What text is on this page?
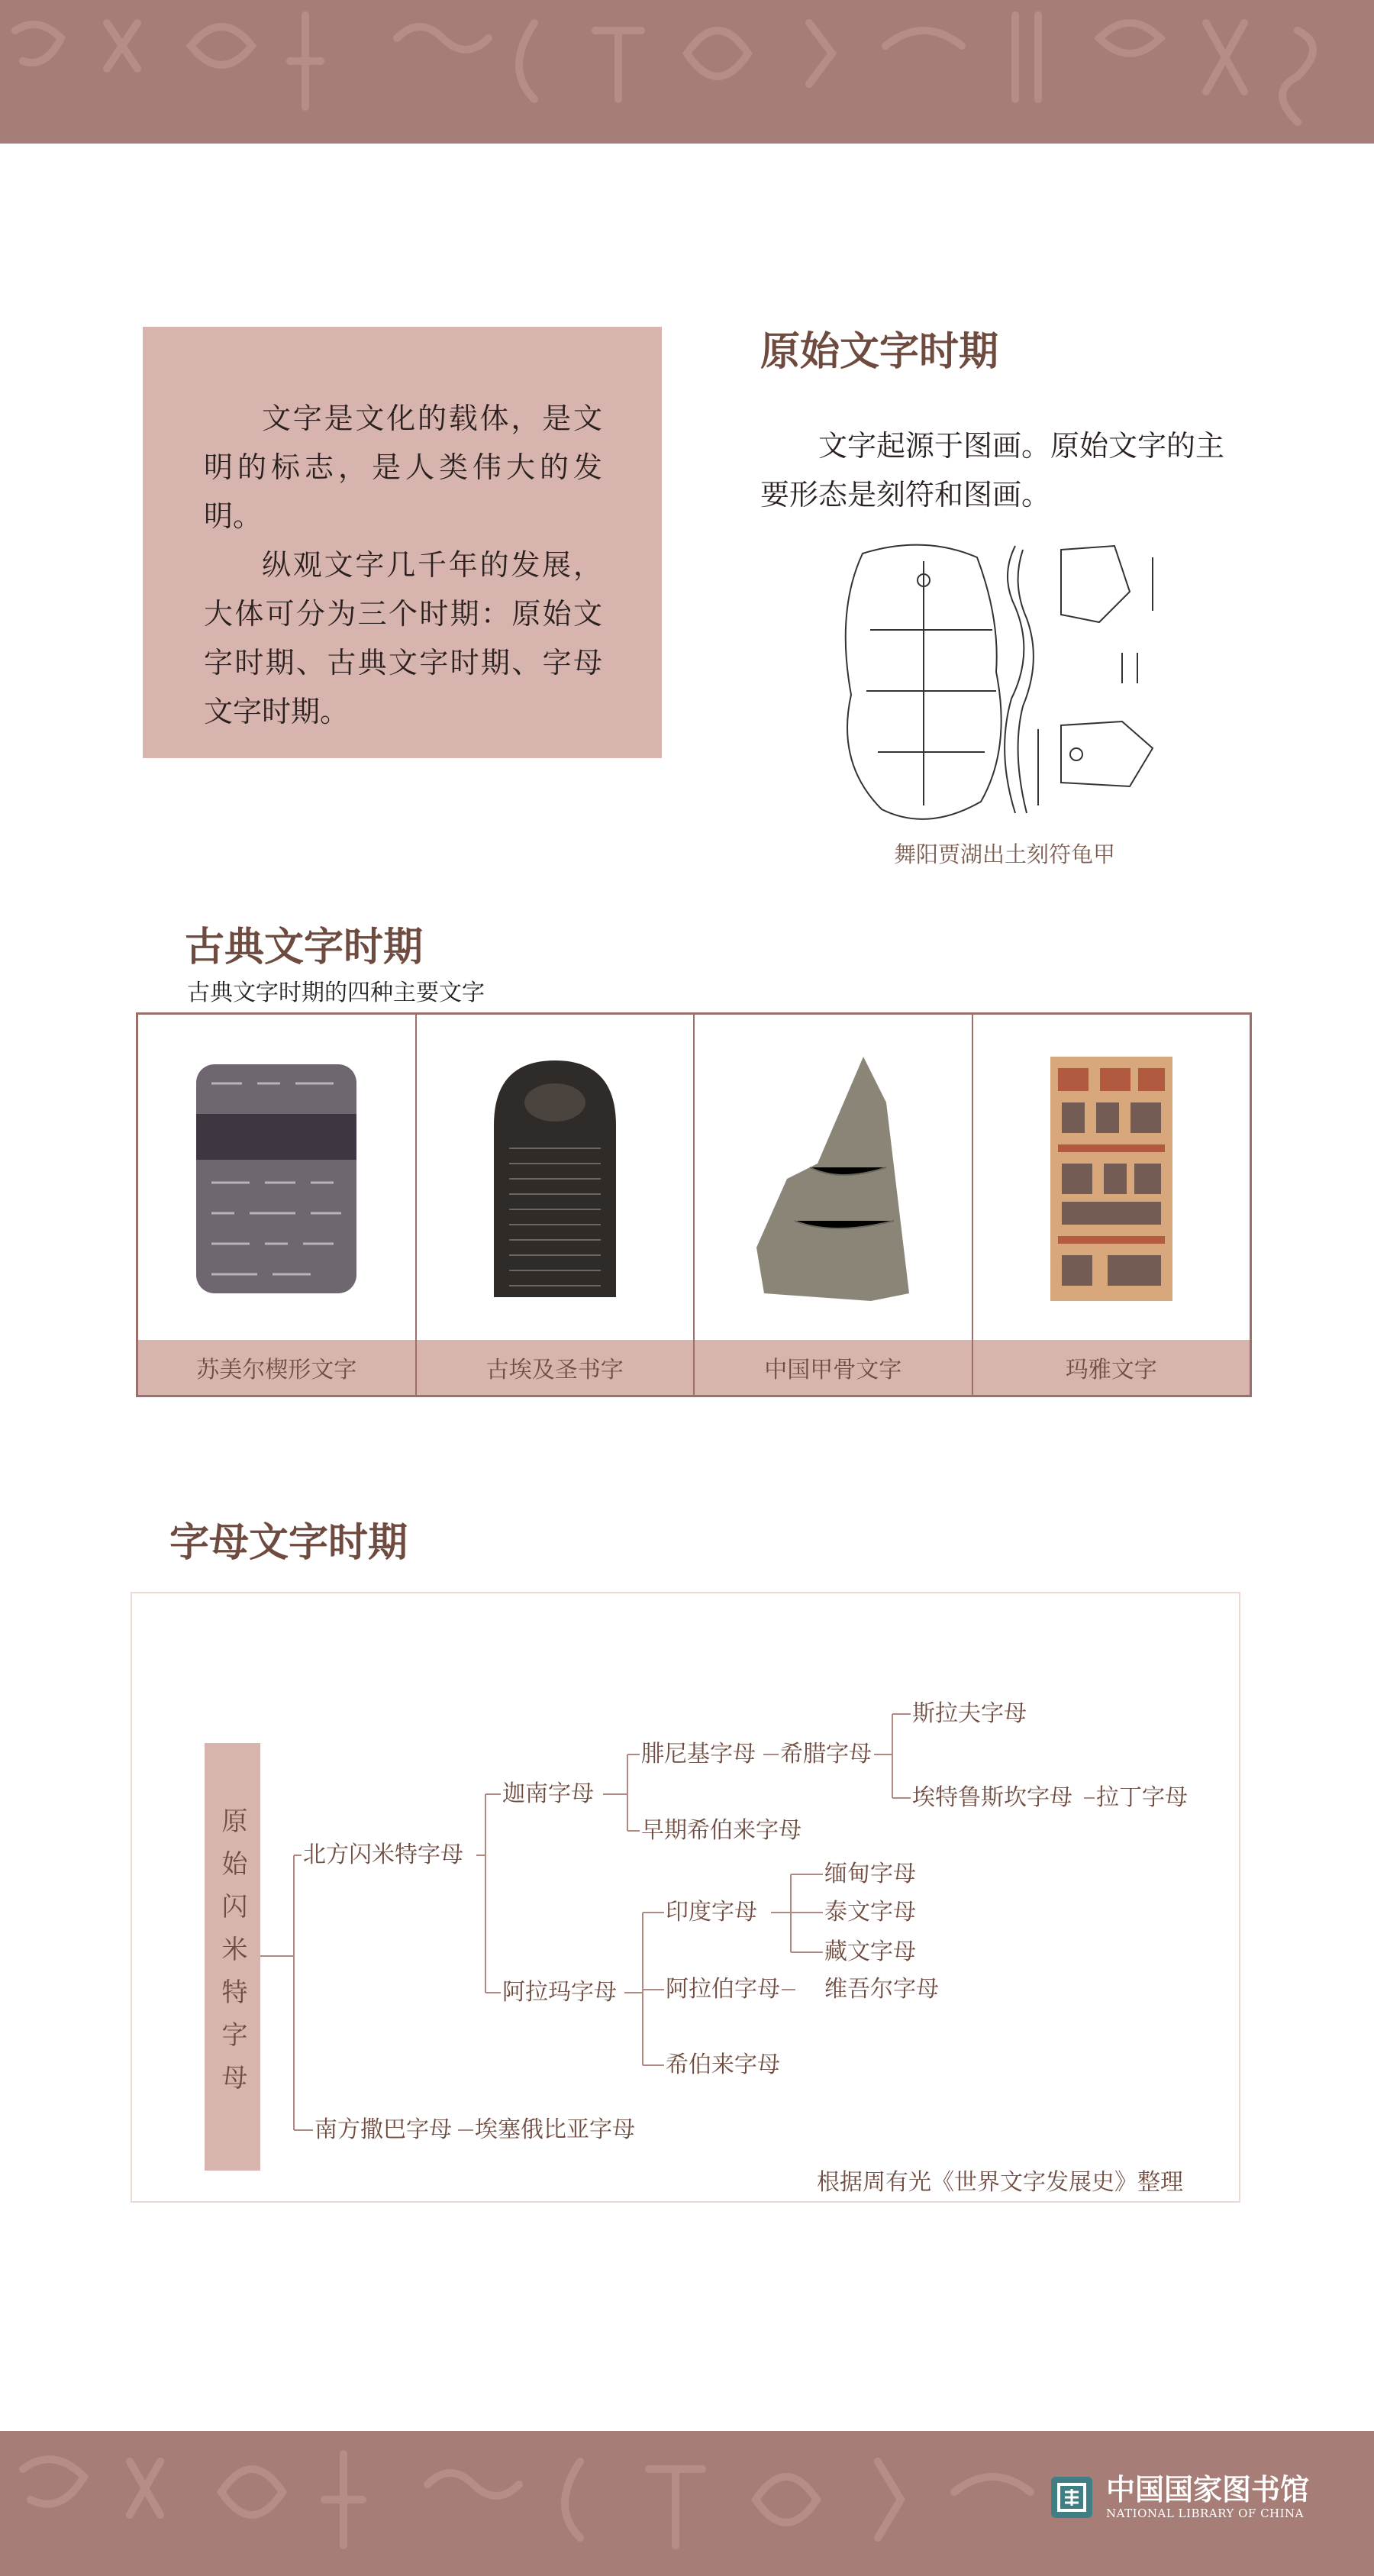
文字是文化的载体，是文明的标志，是人类伟大的发明。

纵观文字几千年的发展，大体可分为三个时期：原始文字时期、古典文字时期、字母文字时期。

原始文字时期

文字起源于图画。原始文字的主要形态是刻符和图画。

舞阳贾湖出土刻符龟甲
古典文字时期
古典文字时期的四种主要文字
苏美尔楔形文字	古埃及圣书字	中国甲骨文字	玛雅文字
字母文字时期
原始闪米特字母 北方闪米特字母
迦南字母
腓尼基字母 希腊字母
斯拉夫字母
埃特鲁斯坎字母 拉丁字母
早期希伯来字母
阿拉玛字母
印度字母
缅甸字母
泰文字母
藏文字母
阿拉伯字母 维吾尔字母
希伯来字母
南方撒巴字母 埃塞俄比亚字母
根据周有光《世界文字发展史》整理
中国国家图书馆
NATIONAL LIBRARY OF CHINA
